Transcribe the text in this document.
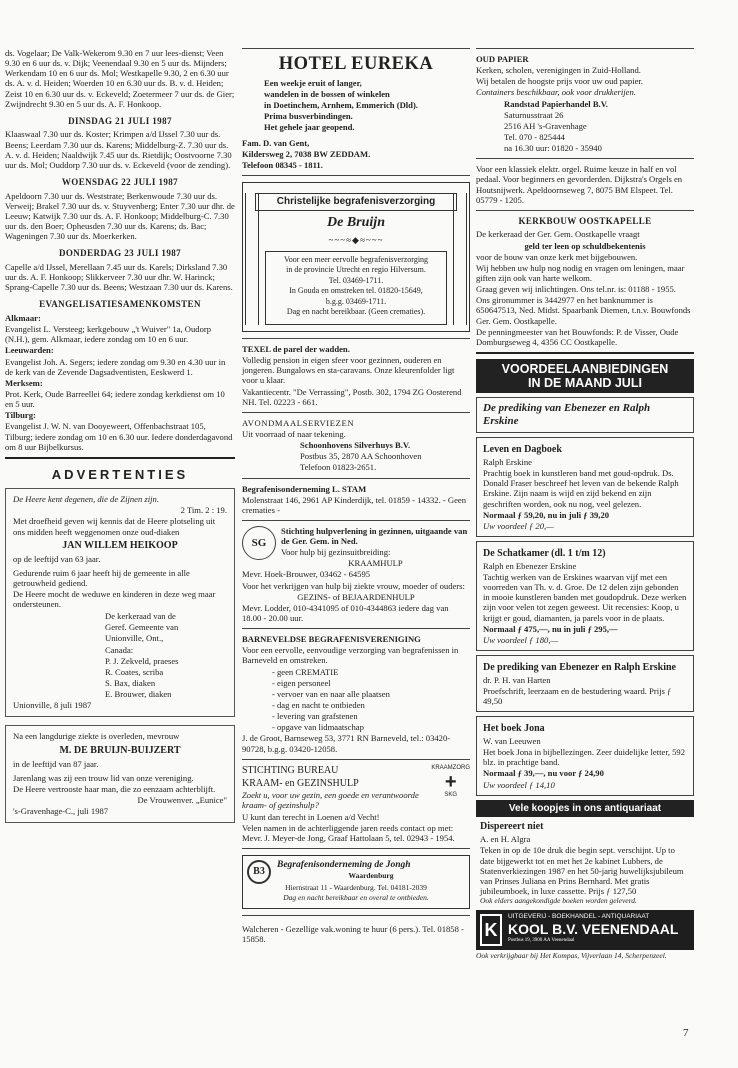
ds. Vogelaar; De Valk-Wekerom 9.30 en 7 uur lees-dienst; Veen 9.30 en 6 uur ds. v. Dijk; Veenendaal 9.30 en 5 uur ds. Mijnders; Werkendam 10 en 6 uur ds. Mol; Westkapelle 9.30, 2 en 6.30 uur ds. A. v. d. Heiden; Woerden 10 en 6.30 uur ds. B. v. d. Heiden; Zeist 10 en 6.30 uur ds. v. Eckeveld; Zoetermeer 7 uur ds. de Gier; Zwijndrecht 9.30 en 5 uur ds. A. F. Honkoop.

DINSDAG 21 JULI 1987

Klaaswaal 7.30 uur ds. Koster; Krimpen a/d IJssel 7.30 uur ds. Beens; Leerdam 7.30 uur ds. Karens; Middelburg-Z. 7.30 uur ds. A. v. d. Heiden; Naaldwijk 7.45 uur ds. Rietdijk; Oostvoorne 7.30 uur ds. Mol; Ouddorp 7.30 uur ds. v. Eckeveld (voor de zending).

WOENSDAG 22 JULI 1987

Apeldoorn 7.30 uur ds. Weststrate; Berkenwoude 7.30 uur ds. Verweij; Brakel 7.30 uur ds. v. Stuyvenberg; Enter 7.30 uur dhr. de Leeuw; Katwijk 7.30 uur ds. A. F. Honkoop; Middelburg-C. 7.30 uur ds. den Boer; Opheusden 7.30 uur ds. Karens; ds. Bac; Wageningen 7.30 uur ds. Moerkerken.

DONDERDAG 23 JULI 1987

Capelle a/d IJssel, Merellaan 7.45 uur ds. Karels; Dirksland 7.30 uur ds. A. F. Honkoop; Slikkerveer 7.30 uur dhr. W. Harinck; Sprang-Capelle 7.30 uur ds. Beens; Westzaan 7.30 uur ds. Karens.

EVANGELISATIESAMENKOMSTEN

Alkmaar:

Evangelist L. Versteeg; kerkgebouw „'t Wuiver" 1a, Oudorp (N.H.), gem. Alkmaar, iedere zondag om 10 en 6 uur.

Leeuwarden:

Evangelist Joh. A. Segers; iedere zondag om 9.30 en 4.30 uur in de kerk van de Zevende Dagsadventisten, Eeskwerd 1.

Merksem:

Prot. Kerk, Oude Barreellei 64; iedere zondag kerkdienst om 10 en 5 uur.

Tilburg:

Evangelist J. W. N. van Dooyeweert, Offenbachstraat 105, Tilburg; iedere zondag om 10 en 6.30 uur. Iedere donderdagavond om 8 uur Bijbelkursus.

ADVERTENTIES

De Heere kent degenen, die de Zijnen zijn.

2 Tim. 2 : 19.

Met droefheid geven wij kennis dat de Heere plotseling uit ons midden heeft weggenomen onze oud-diaken

JAN WILLEM HEIKOOP

op de leeftijd van 63 jaar.

Gedurende ruim 6 jaar heeft hij de gemeente in alle getrouwheid gediend.

De Heere mocht de weduwe en kinderen in deze weg maar ondersteunen.

De kerkeraad van de

Geref. Gemeente van

Unionville, Ont.,

Canada:

P. J. Zekveld, praeses

R. Coates, scriba

S. Bax, diaken

E. Brouwer, diaken

Unionville, 8 juli 1987

Na een langdurige ziekte is overleden, mevrouw

M. DE BRUIJN-BUIJZERT

in de leeftijd van 87 jaar.

Jarenlang was zij een trouw lid van onze vereniging.

De Heere vertrooste haar man, die zo eenzaam achterblijft.

De Vrouwenver. „Eunice"

's-Gravenhage-C., juli 1987

HOTEL EUREKA

Een weekje eruit of langer,

wandelen in de bossen of winkelen

in Doetinchem, Arnhem, Emmerich (Dld).

Prima busverbindingen.

Het gehele jaar geopend.

Fam. D. van Gent,

Kildersweg 2, 7038 BW ZEDDAM.

Telefoon 08345 - 1811.

Christelijke begrafenisverzorging
De Bruijn
~~~≈◆≈~~~

Voor een meer eervolle begrafenisverzorging

in de provincie Utrecht en regio Hilversum.

Tel. 03469-1711.

In Gouda en omstreken tel. 01820-15649,

b.g.g. 03469-1711.

Dag en nacht bereikbaar. (Geen crematies).

TEXEL de parel der wadden.

Volledig pension in eigen sfeer voor gezinnen, ouderen en jongeren. Bungalows en sta-caravans. Onze kleurenfolder ligt voor u klaar.

Vakantiecentr. "De Verrassing", Postb. 302, 1794 ZG Oosterend NH. Tel. 02223 - 661.

AVONDMAALSERVIEZEN

Uit voorraad of naar tekening.

Schoonhovens Silverhuys B.V.

Postbus 35, 2870 AA Schoonhoven

Telefoon 01823-2651.

Begrafenisonderneming L. STAM

Molenstraat 146, 2961 AP Kinderdijk, tel. 01859 - 14332. - Geen crematies -

SG

Stichting hulpverlening in gezinnen, uitgaande van de Ger. Gem. in Ned.

Voor hulp bij gezinsuitbreiding:

KRAAMHULP

Mevr. Hoek-Brouwer, 03462 - 64595

Voor het verkrijgen van hulp bij ziekte vrouw, moeder of ouders:

GEZINS- of BEJAARDENHULP

Mevr. Lodder, 010-4341095 of 010-4344863 iedere dag van 18.00 - 20.00 uur.

BARNEVELDSE BEGRAFENISVERENIGING

Voor een eervolle, eenvoudige verzorging van begrafenissen in Barneveld en omstreken.

- geen CREMATIE

- eigen personeel

- vervoer van en naar alle plaatsen

- dag en nacht te ontbieden

- levering van grafstenen

- opgave van lidmaatschap

J. de Groot, Barnseweg 53, 3771 RN Barneveld, tel.: 03420-90728, b.g.g. 03420-12058.

KRAAMZORG
+
SKG

STICHTING BUREAU

KRAAM- en GEZINSHULP

Zoekt u, voor uw gezin, een goede en verantwoorde kraam- of gezinshulp?

U kunt dan terecht in Loenen a/d Vecht!

Velen namen in de achterliggende jaren reeds contact op met: Mevr. J. Meyer-de Jong, Graaf Hattolaan 5, tel. 02943 - 1954.

B3

Begrafenisonderneming de Jongh

Waardenburg

Hiernstraat 11 - Waardenburg. Tel. 04181-2039

Dag en nacht bereikbaar en overal te ontbieden.

Walcheren - Gezellige vak.woning te huur (6 pers.). Tel. 01858 - 15858.

OUD PAPIER

Kerken, scholen, verenigingen in Zuid-Holland.

Wij betalen de hoogste prijs voor uw oud papier.

Containers beschikbaar, ook voor drukkerijen.

Randstad Papierhandel B.V.

Saturnusstraat 26

2516 AH 's-Gravenhage

Tel. 070 - 825444

na 16.30 uur: 01820 - 35940

Voor een klassiek elektr. orgel. Ruime keuze in half en vol pedaal. Voor beginners en gevorderden. Dijkstra's Orgels en Houtsnijwerk. Apeldoornseweg 7, 8075 BM Elspeet. Tel. 05779 - 1205.

KERKBOUW OOSTKAPELLE

De kerkeraad der Ger. Gem. Oostkapelle vraagt

geld ter leen op schuldbekentenis

voor de bouw van onze kerk met bijgebouwen.

Wij hebben uw hulp nog nodig en vragen om leningen, maar giften zijn ook van harte welkom.

Graag geven wij inlichtingen. Ons tel.nr. is: 01188 - 1955.

Ons gironummer is 3442977 en het banknummer is 650647513, Ned. Midst. Spaarbank Diemen, t.n.v. Bouwfonds Ger. Gem. Oostkapelle.

De penningmeester van het Bouwfonds: P. de Visser, Oude Domburgseweg 4, 4356 CC Oostkapelle.

VOORDEELAANBIEDINGEN
IN DE MAAND JULI

De prediking van Ebenezer en Ralph Erskine

Leven en Dagboek

Ralph Erskine

Prachtig boek in kunstleren band met goud-opdruk. Ds. Donald Fraser beschreef het leven van de bekende Ralph Erskine. Zijn naam is wijd en zijd bekend en zijn geschriften worden, ook nu nog, veel gelezen.

Normaal ƒ 59,20, nu in juli ƒ 39,20

Uw voordeel ƒ 20,—

De Schatkamer (dl. 1 t/m 12)

Ralph en Ebenezer Erskine

Tachtig werken van de Erskines waarvan vijf met een voorreden van Th. v. d. Groe. De 12 delen zijn gebonden in mooie kunstleren banden met goudopdruk. Deze werken zijn voor velen tot zegen geweest. Uit recensies: Koop, u krijgt er goud, diamanten, ja parels voor in de plaats.

Normaal ƒ 475,—, nu in juli ƒ 295,—

Uw voordeel ƒ 180,—

De prediking van Ebenezer en Ralph Erskine

dr. P. H. van Harten

Proefschrift, leerzaam en de bestudering waard. Prijs ƒ 49,50

Het boek Jona

W. van Leeuwen

Het boek Jona in bijbellezingen. Zeer duidelijke letter, 592 blz. in prachtige band.

Normaal ƒ 39,—, nu voor ƒ 24,90

Uw voordeel ƒ 14,10

Vele koopjes in ons antiquariaat

Dispereert niet

A. en H. Algra

Teken in op de 10e druk die begin sept. verschijnt. Up to date bijgewerkt tot en met het 2e kabinet Lubbers, de Statenverkiezingen 1987 en het 50-jarig huwelijksjubileum van Prinses Juliana en Prins Bernhard. Met gratis jubileumboek, in luxe cassette. Prijs ƒ 127,50

Ook elders aangekondigde boeken worden geleverd.

K
UITGEVERIJ - BOEKHANDEL - ANTIQUARIAAT
KOOL B.V. VEENENDAAL
Postbus 19, 3900 AA Veenendaal

Ook verkrijgbaar bij Het Kompas, Vijverlaan 14, Scherpenzeel.

7
